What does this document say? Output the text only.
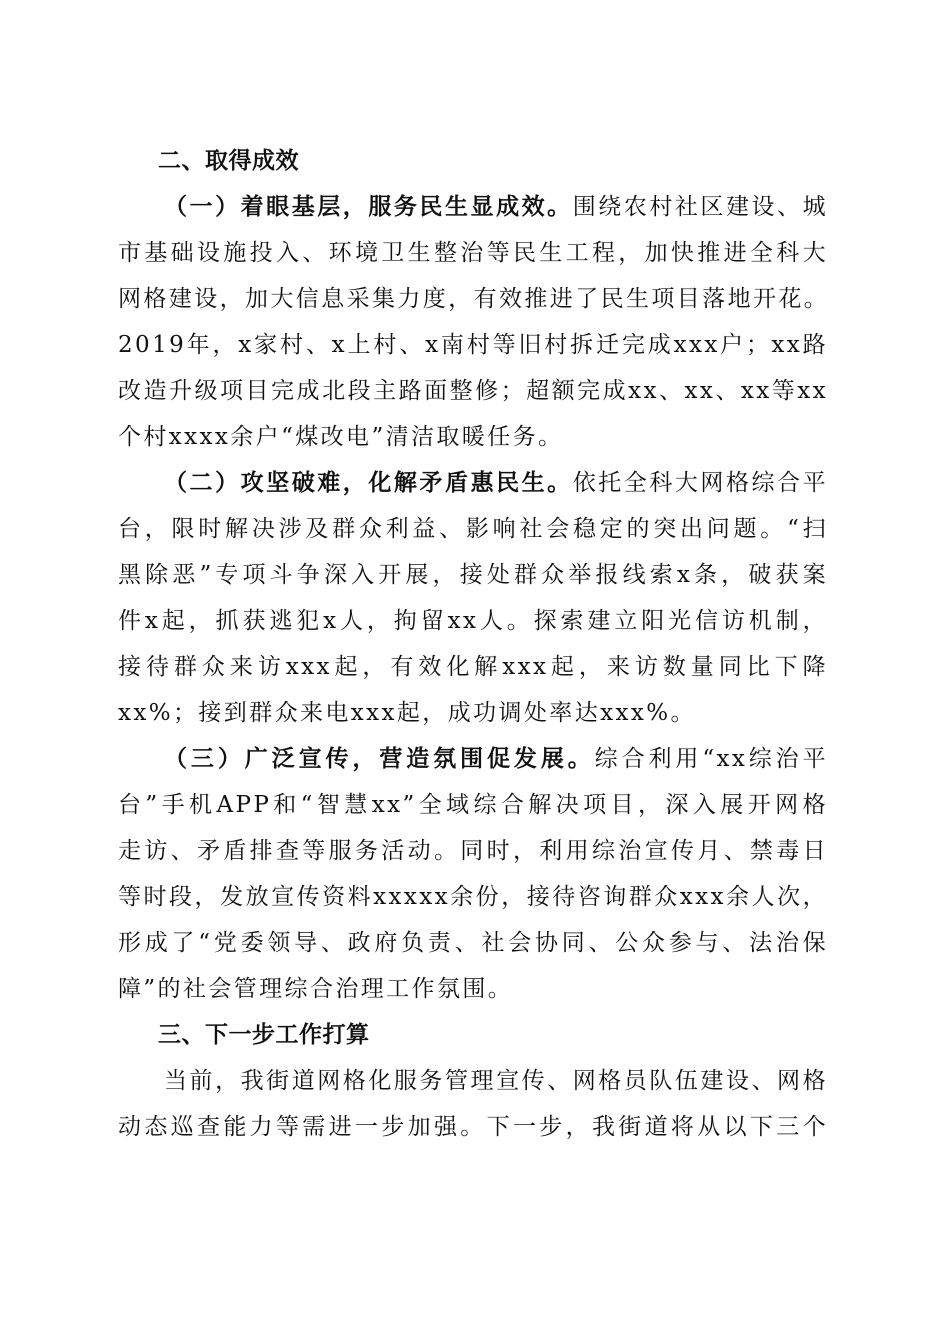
二、取得成效
（一）着眼基层，服务民生显成效。围绕农村社区建设、城
市基础设施投入、环境卫生整治等民生工程，加快推进全科大
网格建设，加大信息采集力度，有效推进了民生项目落地开花。
2019年，x家村、x上村、x南村等旧村拆迁完成xxx户；xx路
改造升级项目完成北段主路面整修；超额完成xx、xx、xx等xx
个村xxxx余户“煤改电”清洁取暖任务。
（二）攻坚破难，化解矛盾惠民生。依托全科大网格综合平
台，限时解决涉及群众利益、影响社会稳定的突出问题。“扫
黑除恶”专项斗争深入开展，接处群众举报线索x条，破获案
件x起，抓获逃犯x人，拘留xx人。探索建立阳光信访机制，
接待群众来访xxx起，有效化解xxx起，来访数量同比下降
xx%；接到群众来电xxx起，成功调处率达xxx%。
（三）广泛宣传，营造氛围促发展。综合利用“xx综治平
台”手机APP和“智慧xx”全域综合解决项目，深入展开网格
走访、矛盾排查等服务活动。同时，利用综治宣传月、禁毒日
等时段，发放宣传资料xxxxx余份，接待咨询群众xxx余人次，
形成了“党委领导、政府负责、社会协同、公众参与、法治保
障”的社会管理综合治理工作氛围。
三、下一步工作打算
当前，我街道网格化服务管理宣传、网格员队伍建设、网格
动态巡查能力等需进一步加强。下一步，我街道将从以下三个
